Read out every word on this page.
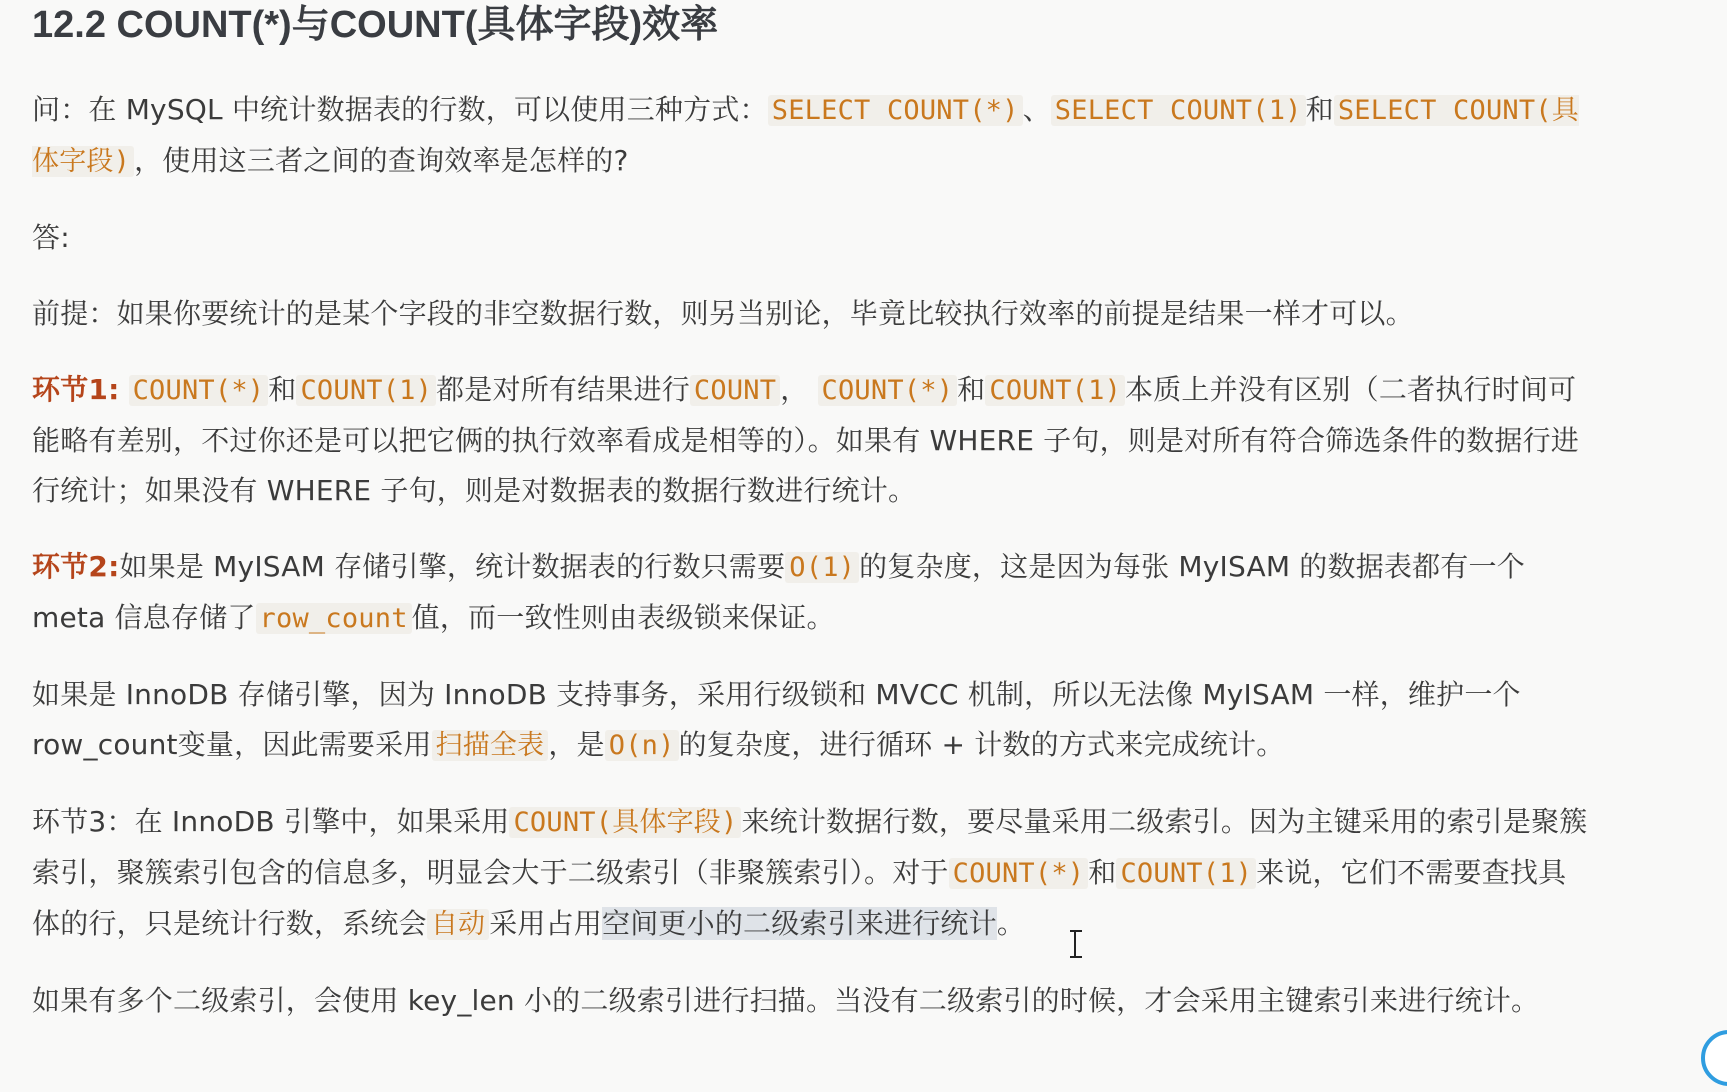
12.2 COUNT(*)与COUNT(具体字段)效率

问：在 MySQL 中统计数据表的行数，可以使用三种方式： SELECT COUNT(*) 、 SELECT COUNT(1) 和 SELECT COUNT(具体字段) ，使用这三者之间的查询效率是怎样的?

答:

前提：如果你要统计的是某个字段的非空数据行数，则另当别论，毕竟比较执行效率的前提是结果一样才可以。

环节1: COUNT(*) 和 COUNT(1) 都是对所有结果进行 COUNT ， COUNT(*) 和 COUNT(1) 本质上并没有区别（二者执行时间可能略有差别，不过你还是可以把它俩的执行效率看成是相等的）。如果有 WHERE 子句，则是对所有符合筛选条件的数据行进行统计；如果没有 WHERE 子句，则是对数据表的数据行数进行统计。

环节2:如果是 MyISAM 存储引擎，统计数据表的行数只需要 O(1) 的复杂度，这是因为每张 MyISAM 的数据表都有一个 meta 信息存储了 row_count 值，而一致性则由表级锁来保证。

如果是 InnoDB 存储引擎，因为 InnoDB 支持事务，采用行级锁和 MVCC 机制，所以无法像 MyISAM 一样，维护一个row_count变量，因此需要采用 扫描全表 ，是 O(n) 的复杂度，进行循环 + 计数的方式来完成统计。

环节3：在 InnoDB 引擎中，如果采用 COUNT(具体字段) 来统计数据行数，要尽量采用二级索引。因为主键采用的索引是聚簇索引，聚簇索引包含的信息多，明显会大于二级索引（非聚簇索引）。对于 COUNT(*) 和 COUNT(1) 来说，它们不需要查找具体的行，只是统计行数，系统会 自动 采用占用空间更小的二级索引来进行统计。

如果有多个二级索引，会使用 key_len 小的二级索引进行扫描。当没有二级索引的时候，才会采用主键索引来进行统计。
